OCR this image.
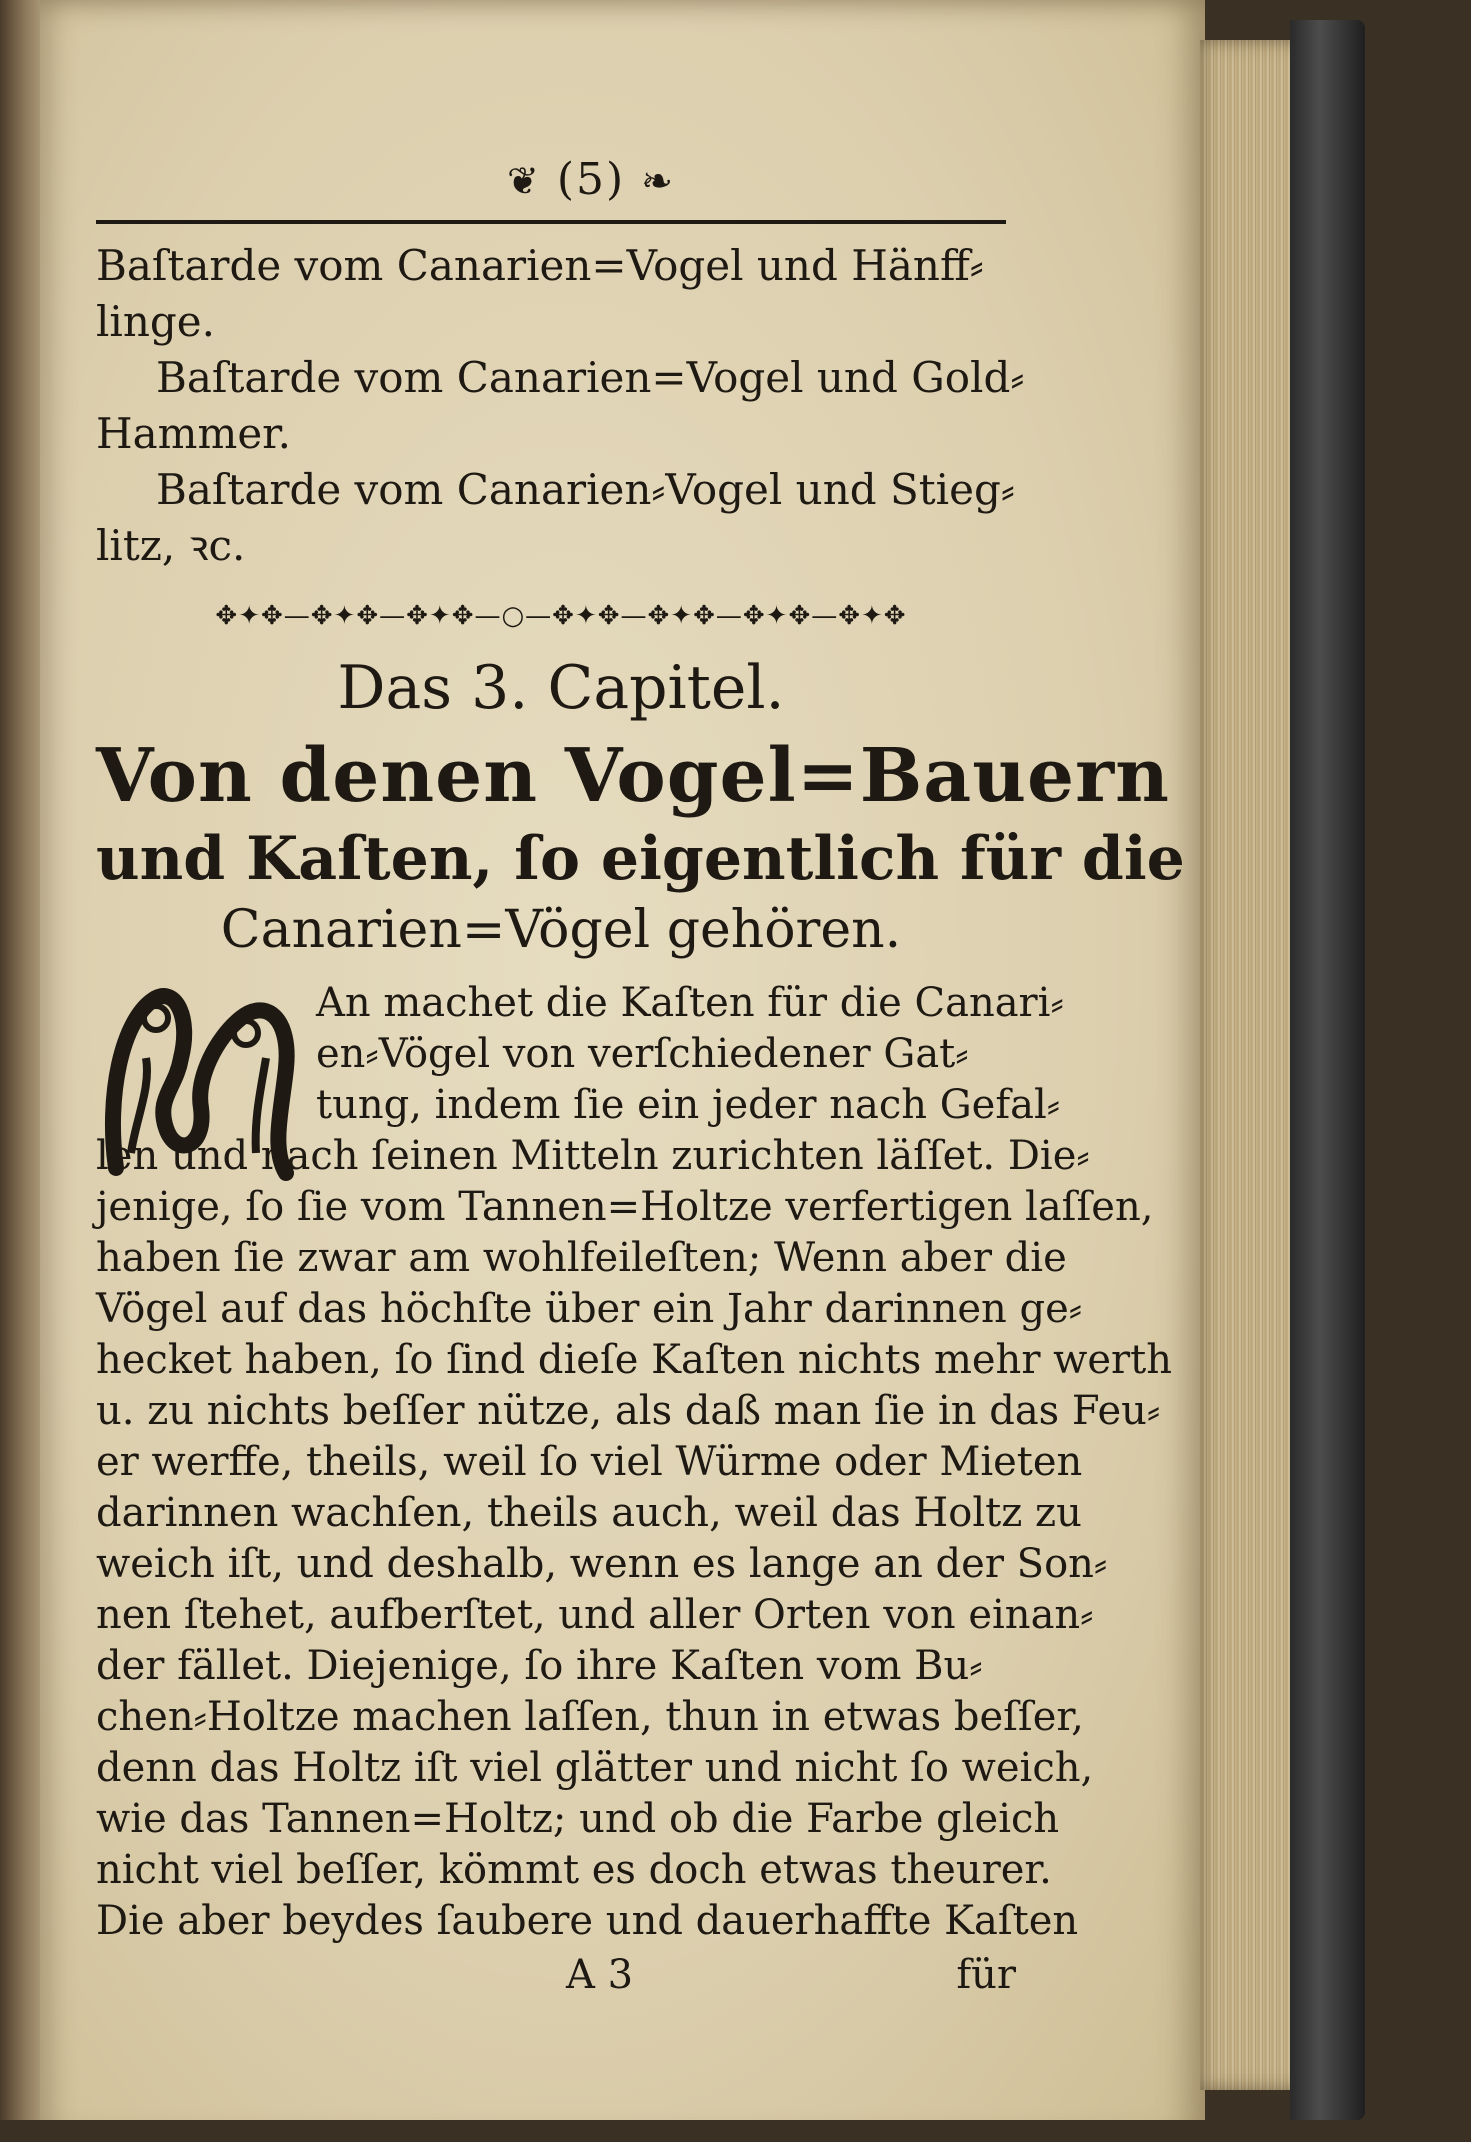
❦ (5) ❧
Baſtarde vom Canarien=Vogel und Hänff⸗
linge.
Baſtarde vom Canarien=Vogel und Gold⸗
Hammer.
Baſtarde vom Canarien⸗Vogel und Stieg⸗
litz, ꝛc.
✥✦✥—✥✦✥—✥✦✥—○—✥✦✥—✥✦✥—✥✦✥—✥✦✥
Das 3. Capitel.
Von denen Vogel=Bauern
und Kaſten, ſo eigentlich für die
Canarien=Vögel gehören.
An machet die Kaſten für die Canari⸗
en⸗Vögel von verſchiedener Gat⸗
tung, indem ſie ein jeder nach Gefal⸗
len und nach ſeinen Mitteln zurichten läſſet. Die⸗
jenige, ſo ſie vom Tannen=Holtze verfertigen laſſen,
haben ſie zwar am wohlfeileſten; Wenn aber die
Vögel auf das höchſte über ein Jahr darinnen ge⸗
hecket haben, ſo ſind dieſe Kaſten nichts mehr werth
u. zu nichts beſſer nütze, als daß man ſie in das Feu⸗
er werffe, theils, weil ſo viel Würme oder Mieten
darinnen wachſen, theils auch, weil das Holtz zu
weich iſt, und deshalb, wenn es lange an der Son⸗
nen ſtehet, aufberſtet, und aller Orten von einan⸗
der fället. Diejenige, ſo ihre Kaſten vom Bu⸗
chen⸗Holtze machen laſſen, thun in etwas beſſer,
denn das Holtz iſt viel glätter und nicht ſo weich,
wie das Tannen=Holtz; und ob die Farbe gleich
nicht viel beſſer, kömmt es doch etwas theurer.
Die aber beydes ſaubere und dauerhaffte Kaſten
A 3	für
